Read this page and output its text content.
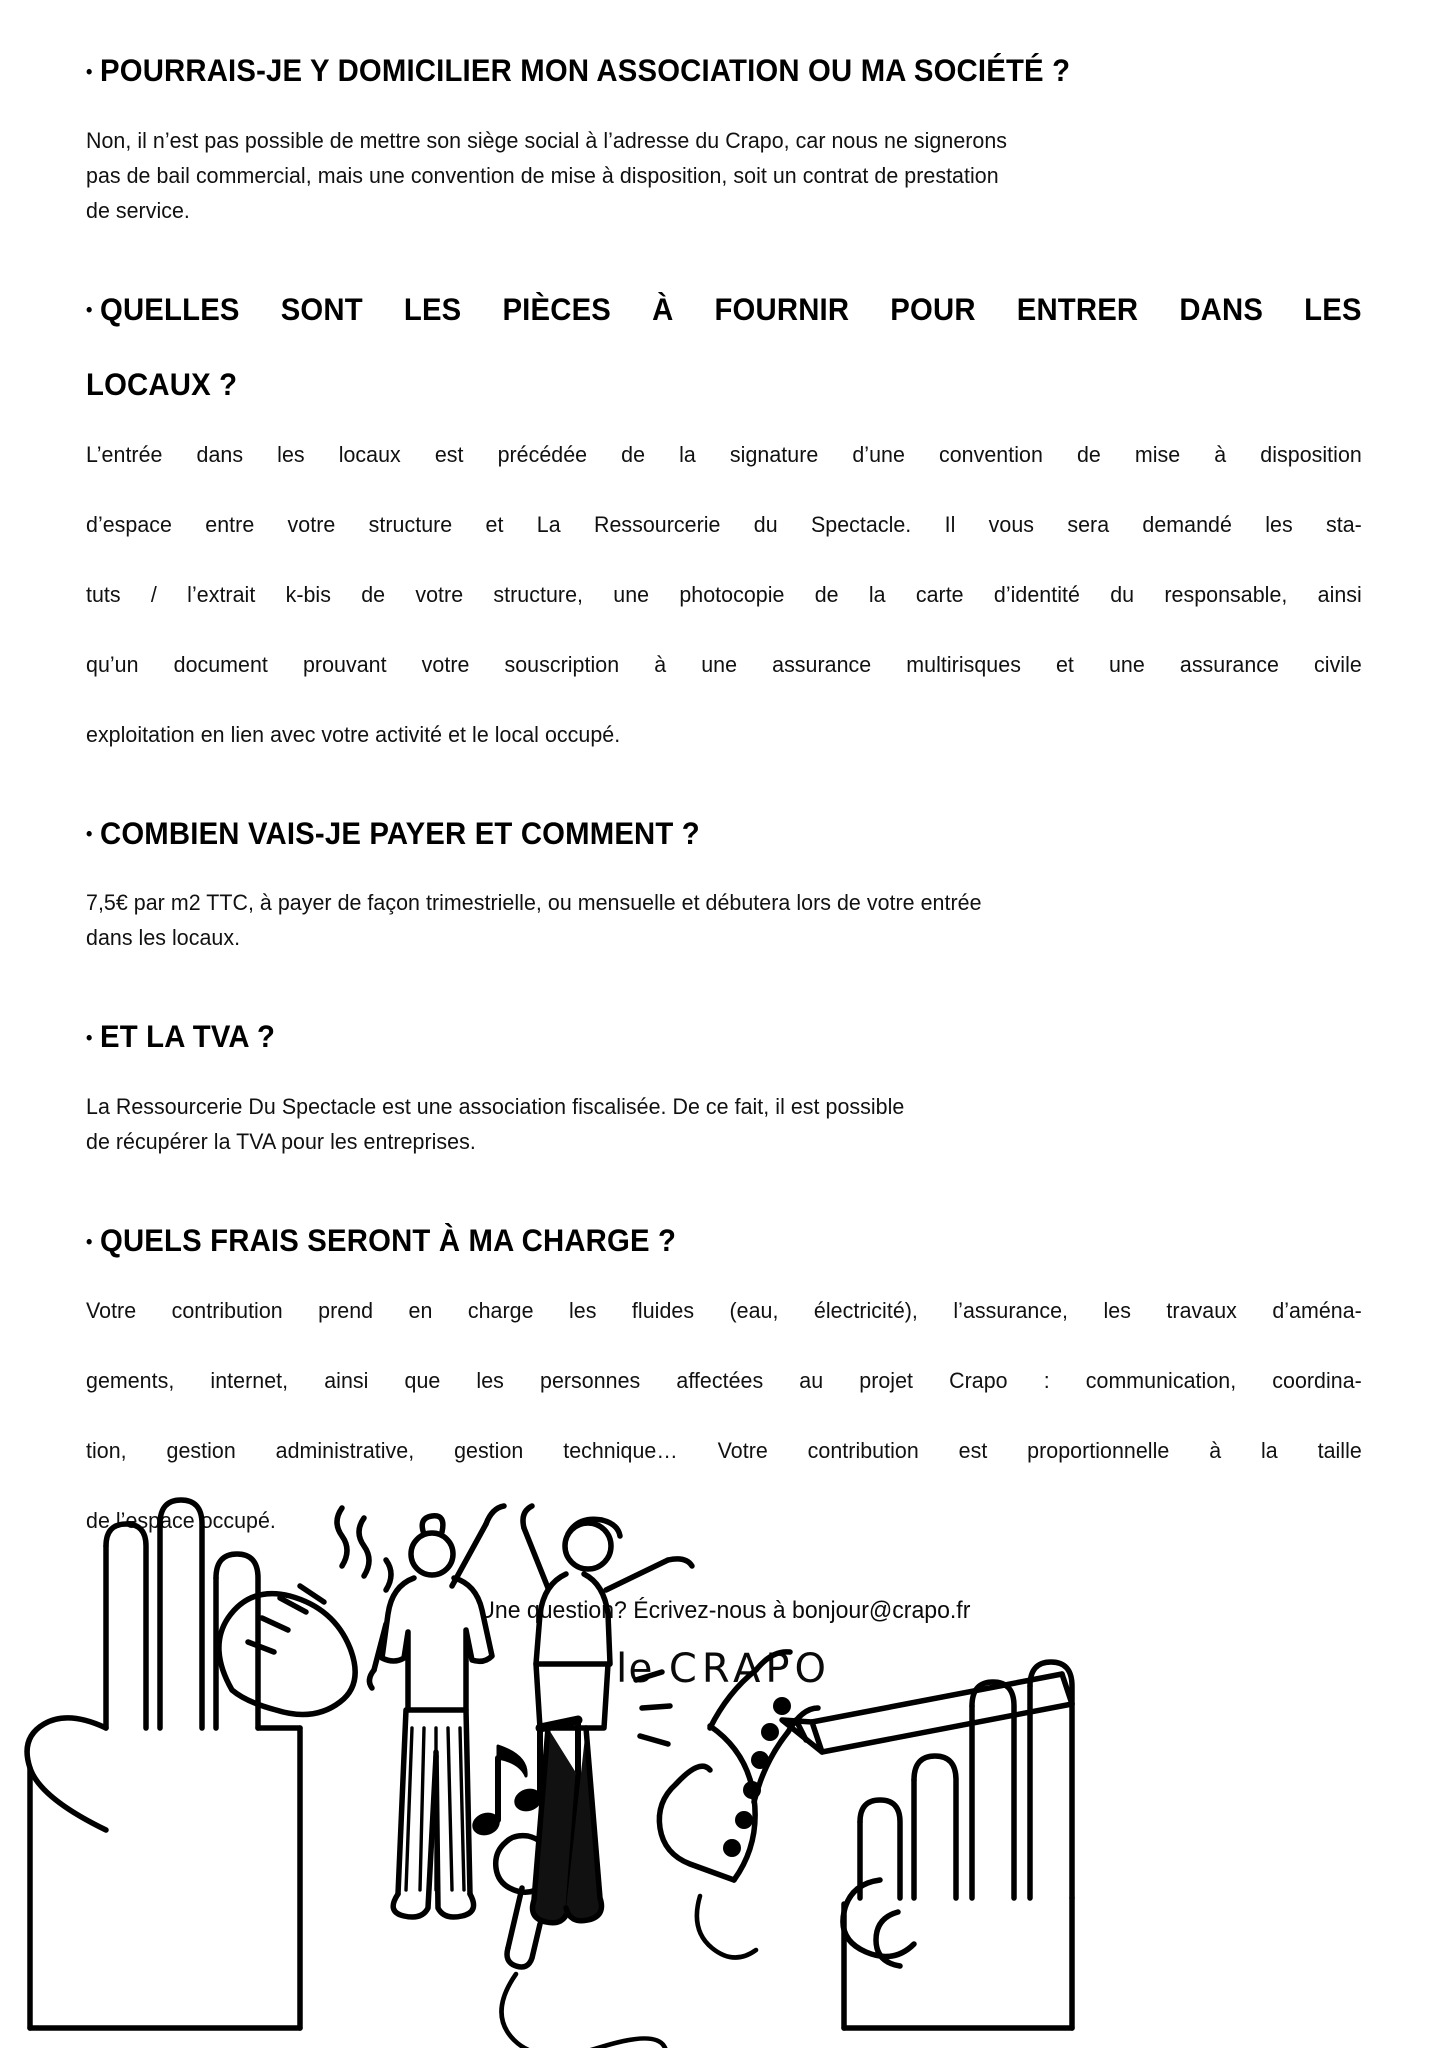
• POURRAIS-JE Y DOMICILIER MON ASSOCIATION OU MA SOCIÉTÉ ?

Non, il n’est pas possible de mettre son siège social à l’adresse du Crapo, car nous ne signerons
pas de bail commercial, mais une convention de mise à disposition, soit un contrat de prestation
de service.

• QUELLES SONT LES PIÈCES À FOURNIR POUR ENTRER DANS LES
LOCAUX ?

L’entrée dans les locaux est précédée de la signature d’une convention de mise à disposition
d’espace entre votre structure et La Ressourcerie du Spectacle. Il vous sera demandé les sta-
tuts / l’extrait k-bis de votre structure, une photocopie de la carte d’identité du responsable, ainsi
qu’un document prouvant votre souscription à une assurance multirisques et une assurance civile
exploitation en lien avec votre activité et le local occupé.

• COMBIEN VAIS-JE PAYER ET COMMENT ?

7,5€ par m2 TTC, à payer de façon trimestrielle, ou mensuelle et débutera lors de votre entrée
dans les locaux.

• ET LA TVA ?

La Ressourcerie Du Spectacle est une association fiscalisée. De ce fait, il est possible
de récupérer la TVA pour les entreprises.

• QUELS FRAIS SERONT À MA CHARGE ?

Votre contribution prend en charge les fluides (eau, électricité), l’assurance, les travaux d’aména-
gements, internet, ainsi que les personnes affectées au projet Crapo : communication, coordina-
tion, gestion administrative, gestion technique… Votre contribution est proportionnelle à la taille
de l’espace occupé.

Une question? Écrivez-nous à bonjour@crapo.fr
le CRAPO
